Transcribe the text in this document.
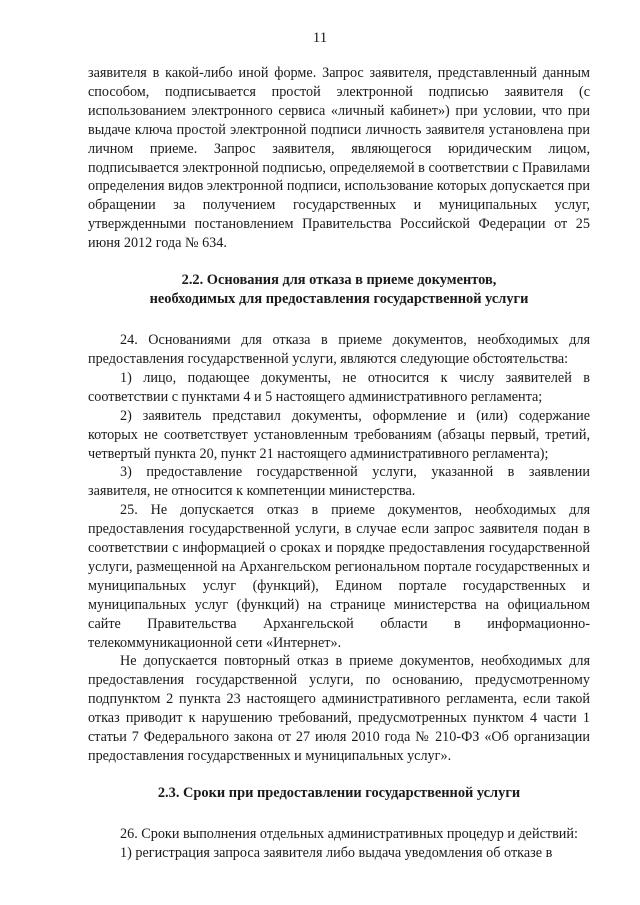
11

заявителя в какой-либо иной форме. Запрос заявителя, представленный данным способом, подписывается простой электронной подписью заявителя (с использованием электронного сервиса «личный кабинет») при условии, что при выдаче ключа простой электронной подписи личность заявителя установлена при личном приеме. Запрос заявителя, являющегося юридическим лицом, подписывается электронной подписью, определяемой в соответствии с Правилами определения видов электронной подписи, использование которых допускается при обращении за получением государственных и муниципальных услуг, утвержденными постановлением Правительства Российской Федерации от 25 июня 2012 года № 634.

2.2. Основания для отказа в приеме документов,
необходимых для предоставления государственной услуги

24. Основаниями для отказа в приеме документов, необходимых для предоставления государственной услуги, являются следующие обстоятельства:

1) лицо, подающее документы, не относится к числу заявителей в соответствии с пунктами 4 и 5 настоящего административного регламента;

2) заявитель представил документы, оформление и (или) содержание которых не соответствует установленным требованиям (абзацы первый, третий, четвертый пункта 20, пункт 21 настоящего административного регламента);

3) предоставление государственной услуги, указанной в заявлении заявителя, не относится к компетенции министерства.

25. Не допускается отказ в приеме документов, необходимых для предоставления государственной услуги, в случае если запрос заявителя подан в соответствии с информацией о сроках и порядке предоставления государственной услуги, размещенной на Архангельском региональном портале государственных и муниципальных услуг (функций), Едином портале государственных и муниципальных услуг (функций) на странице министерства на официальном сайте Правительства Архангельской области в информационно-телекоммуникационной сети «Интернет».

Не допускается повторный отказ в приеме документов, необходимых для предоставления государственной услуги, по основанию, предусмотренному подпунктом 2 пункта 23 настоящего административного регламента, если такой отказ приводит к нарушению требований, предусмотренных пунктом 4 части 1 статьи 7 Федерального закона от 27 июля 2010 года № 210-ФЗ «Об организации предоставления государственных и муниципальных услуг».

2.3. Сроки при предоставлении государственной услуги

26. Сроки выполнения отдельных административных процедур и действий:

1) регистрация запроса заявителя либо выдача уведомления об отказе в
